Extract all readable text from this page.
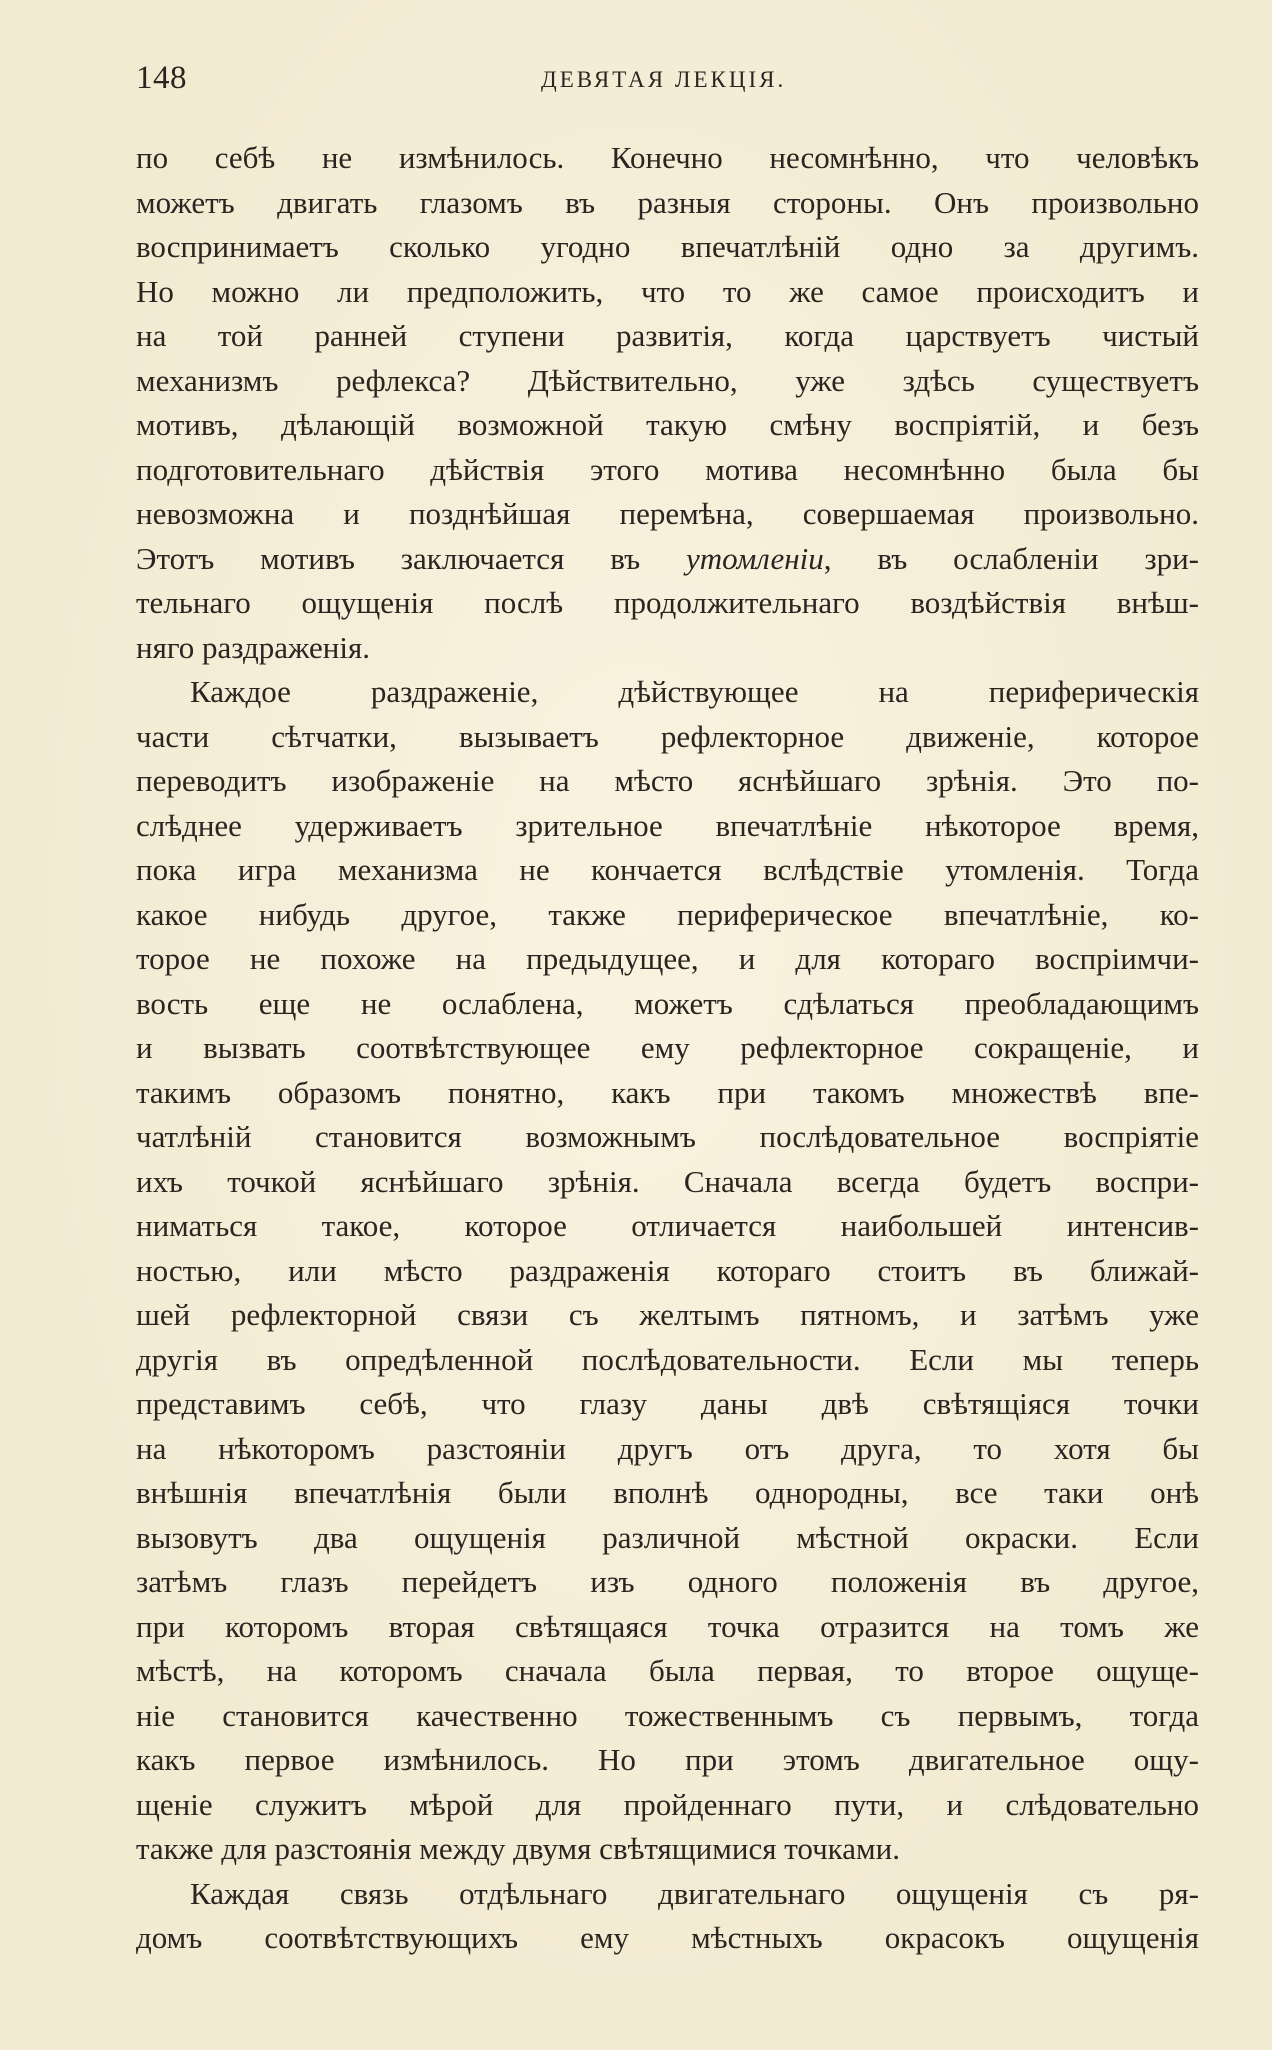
148	ДЕВЯТАЯ ЛЕКЦІЯ.
по себѣ не измѣнилось. Конечно несомнѣнно, что человѣкъ
можетъ двигать глазомъ въ разныя стороны. Онъ произвольно
воспринимаетъ сколько угодно впечатлѣній одно за другимъ.
Но можно ли предположить, что то же самое происходитъ и
на той ранней ступени развитія, когда царствуетъ чистый
механизмъ рефлекса? Дѣйствительно, уже здѣсь существуетъ
мотивъ, дѣлающій возможной такую смѣну воспріятій, и безъ
подготовительнаго дѣйствія этого мотива несомнѣнно была бы
невозможна и позднѣйшая перемѣна, совершаемая произвольно.
Этотъ мотивъ заключается въ утомленіи, въ ослабленіи зри-
тельнаго ощущенія послѣ продолжительнаго воздѣйствія внѣш-
няго раздраженія.
Каждое раздраженіе, дѣйствующее на периферическія
части сѣтчатки, вызываетъ рефлекторное движеніе, которое
переводитъ изображеніе на мѣсто яснѣйшаго зрѣнія. Это по-
слѣднее удерживаетъ зрительное впечатлѣніе нѣкоторое время,
пока игра механизма не кончается вслѣдствіе утомленія. Тогда
какое нибудь другое, также периферическое впечатлѣніе, ко-
торое не похоже на предыдущее, и для котораго воспріимчи-
вость еще не ослаблена, можетъ сдѣлаться преобладающимъ
и вызвать соотвѣтствующее ему рефлекторное сокращеніе, и
такимъ образомъ понятно, какъ при такомъ множествѣ впе-
чатлѣній становится возможнымъ послѣдовательное воспріятіе
ихъ точкой яснѣйшаго зрѣнія. Сначала всегда будетъ воспри-
ниматься такое, которое отличается наибольшей интенсив-
ностью, или мѣсто раздраженія котораго стоитъ въ ближай-
шей рефлекторной связи съ желтымъ пятномъ, и затѣмъ уже
другія въ опредѣленной послѣдовательности. Если мы теперь
представимъ себѣ, что глазу даны двѣ свѣтящіяся точки
на нѣкоторомъ разстояніи другъ отъ друга, то хотя бы
внѣшнія впечатлѣнія были вполнѣ однородны, все таки онѣ
вызовутъ два ощущенія различной мѣстной окраски. Если
затѣмъ глазъ перейдетъ изъ одного положенія въ другое,
при которомъ вторая свѣтящаяся точка отразится на томъ же
мѣстѣ, на которомъ сначала была первая, то второе ощуще-
ніе становится качественно тожественнымъ съ первымъ, тогда
какъ первое измѣнилось. Но при этомъ двигательное ощу-
щеніе служитъ мѣрой для пройденнаго пути, и слѣдовательно
также для разстоянія между двумя свѣтящимися точками.
Каждая связь отдѣльнаго двигательнаго ощущенія съ ря-
домъ соотвѣтствующихъ ему мѣстныхъ окрасокъ ощущенія
